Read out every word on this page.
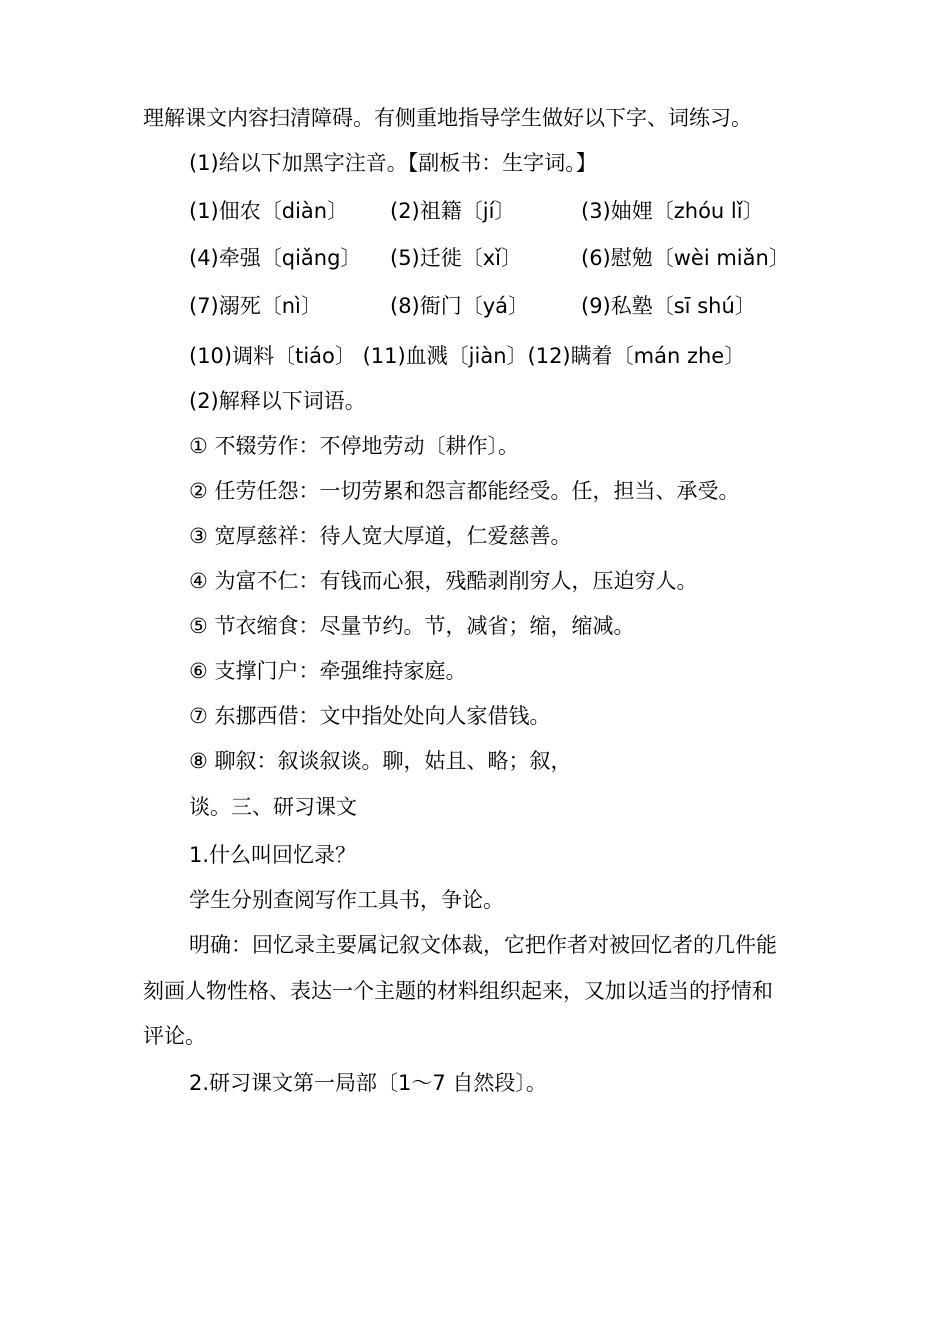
理解课文内容扫清障碍。有侧重地指导学生做好以下字、词练习。
(1)给以下加黑字注音。【副板书：生字词。】
(1)佃农〔diàn〕 (2)祖籍〔jí〕	(3)妯娌〔zhóu lǐ〕
(4)牵强〔qiǎng〕 (5)迁徙〔xǐ〕	(6)慰勉〔wèi miǎn〕
(7)溺死〔nì〕	(8)衙门〔yá〕 (9)私塾〔sī shú〕
(10)调料〔tiáo〕 (11)血溅〔jiàn〕(12)瞒着〔mán zhe〕
(2)解释以下词语。
① 不辍劳作：不停地劳动〔耕作〕。
② 任劳任怨：一切劳累和怨言都能经受。任，担当、承受。
③ 宽厚慈祥：待人宽大厚道，仁爱慈善。
④ 为富不仁：有钱而心狠，残酷剥削穷人，压迫穷人。
⑤ 节衣缩食：尽量节约。节，减省；缩，缩减。
⑥ 支撑门户：牵强维持家庭。
⑦ 东挪西借：文中指处处向人家借钱。
⑧ 聊叙：叙谈叙谈。聊，姑且、略；叙，
谈。三、研习课文
1.什么叫回忆录？
学生分别查阅写作工具书，争论。
明确：回忆录主要属记叙文体裁，它把作者对被回忆者的几件能
刻画人物性格、表达一个主题的材料组织起来，又加以适当的抒情和
评论。
2.研习课文第一局部〔1～7 自然段〕。
